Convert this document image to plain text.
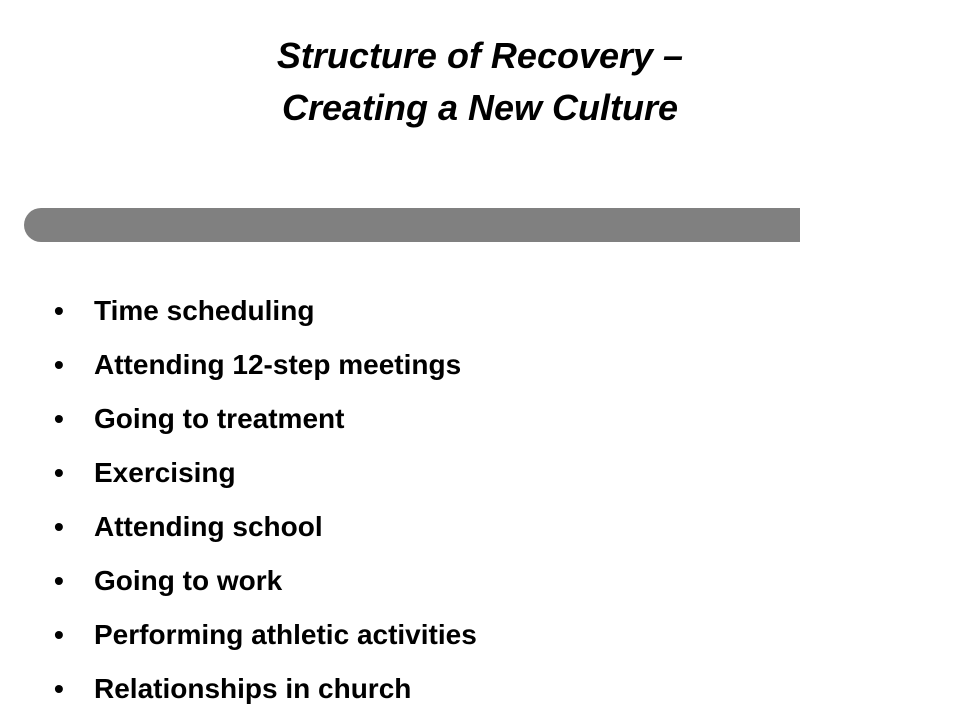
Structure of Recovery –
Creating a New Culture
•	Time scheduling
•	Attending 12-step meetings
•	Going to treatment
•	Exercising
•	Attending school
•	Going to work
•	Performing athletic activities
•	Relationships in church
